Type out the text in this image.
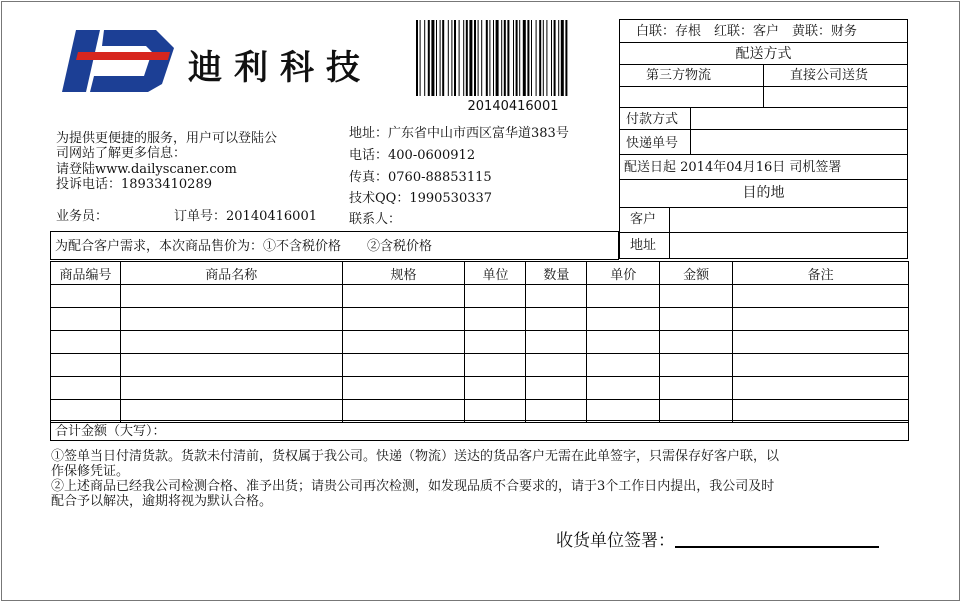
迪利科技
20140416001
为提供更便捷的服务，用户可以登陆公
司网站了解更多信息：
请登陆www.dailyscaner.com
投诉电话：18933410289
业务员：	订单号：20140416001
地址：广东省中山市西区富华道383号
电话：400-0600912
传真：0760-88853115
技术QQ：1990530337
联系人：
为配合客户需求，本次商品售价为：①不含税价格　　②含税价格
白联：存根　红联：客户　黄联：财务
配送方式
第三方物流	直接公司送货
付款方式
快递单号
配送日起 2014年04月16日 司机签署
目的地
客户
地址
商品编号	商品名称	规格	单位	数量	单价	金额	备注

合计金额（大写）：
①签单当日付清货款。货款未付清前，货权属于我公司。快递（物流）送达的货品客户无需在此单签字，只需保存好客户联，以
作保修凭证。
②上述商品已经我公司检测合格、准予出货；请贵公司再次检测，如发现品质不合要求的，请于3个工作日内提出，我公司及时
配合予以解决，逾期将视为默认合格。
收货单位签署：
